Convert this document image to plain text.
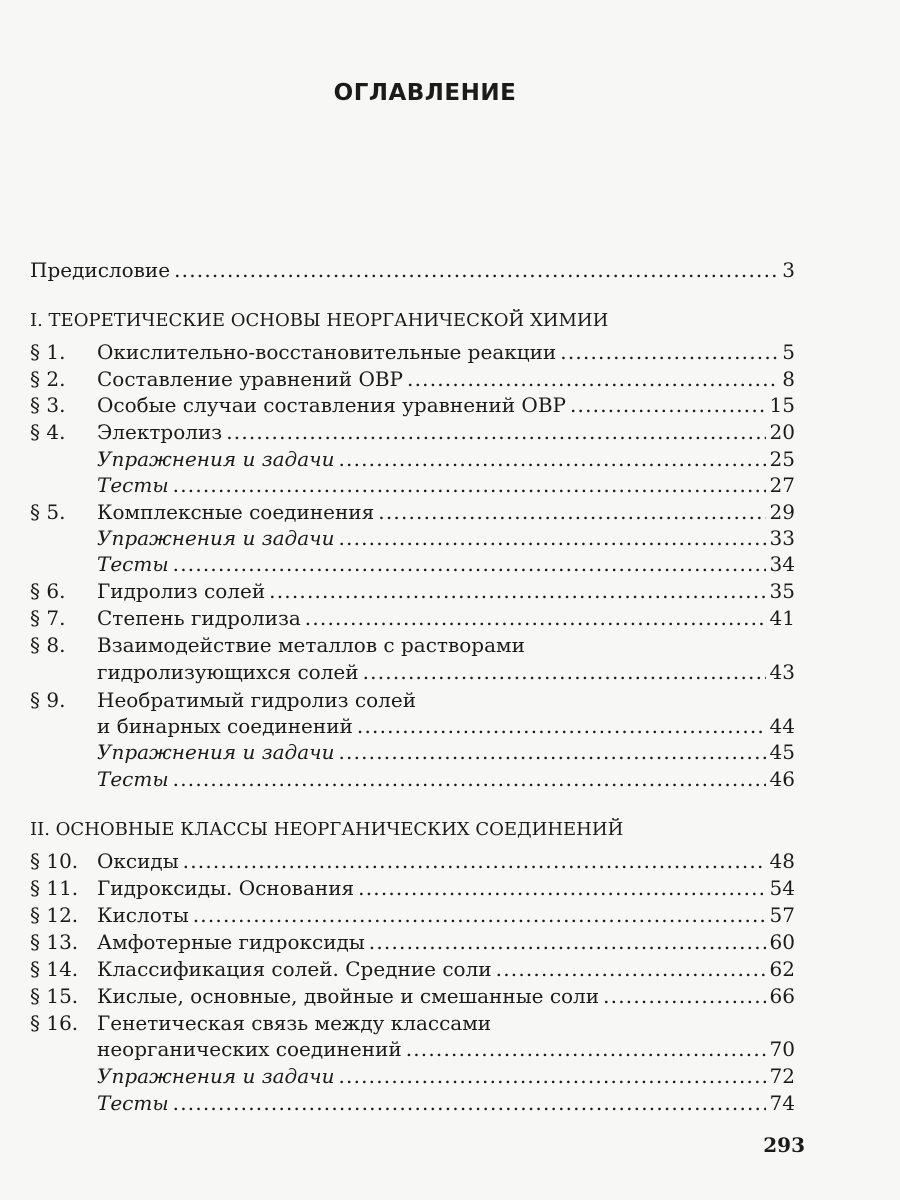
ОГЛАВЛЕНИЕ
Предисловие .....	3
I. ТЕОРЕТИЧЕСКИЕ ОСНОВЫ НЕОРГАНИЧЕСКОЙ ХИМИИ
§ 1.	Окислительно-восстановительные реакции .....	5
§ 2.	Составление уравнений ОВР .....	8
§ 3.	Особые случаи составления уравнений ОВР .....	15
§ 4.	Электролиз .....	20
Упражнения и задачи .....	25
Тесты .....	27
§ 5.	Комплексные соединения .....	29
Упражнения и задачи .....	33
Тесты .....	34
§ 6.	Гидролиз солей .....	35
§ 7.	Степень гидролиза .....	41
§ 8.	Взаимодействие металлов с растворами
гидролизующихся солей .....	43
§ 9.	Необратимый гидролиз солей
и бинарных соединений .....	44
Упражнения и задачи .....	45
Тесты .....	46
II. ОСНОВНЫЕ КЛАССЫ НЕОРГАНИЧЕСКИХ СОЕДИНЕНИЙ
§ 10. Оксиды .....	48
§ 11. Гидроксиды. Основания .....	54
§ 12. Кислоты .....	57
§ 13. Амфотерные гидроксиды .....	60
§ 14. Классификация солей. Средние соли .....	62
§ 15. Кислые, основные, двойные и смешанные соли .....	66
§ 16. Генетическая связь между классами
неорганических соединений .....	70
Упражнения и задачи .....	72
Тесты .....	74
293
